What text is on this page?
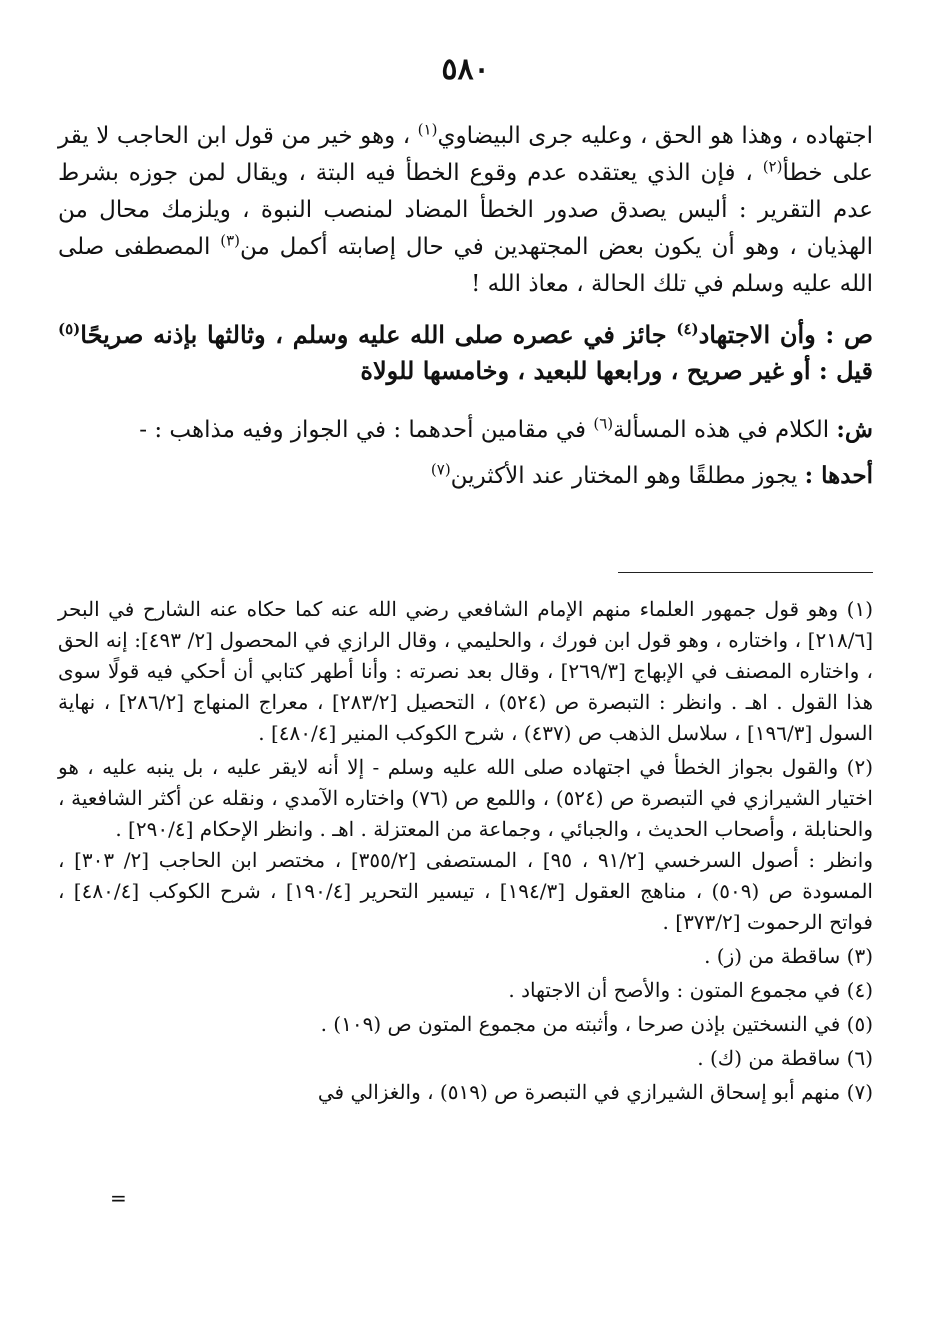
٥٨٠

اجتهاده ، وهذا هو الحق ، وعليه جرى البيضاوي$^{(١)}$ ، وهو خير من قول ابن الحاجب لا يقر على خطأ$^{(٢)}$ ، فإن الذي يعتقده عدم وقوع الخطأ فيه البتة ، ويقال لمن جوزه بشرط عدم التقرير : أليس يصدق صدور الخطأ المضاد لمنصب النبوة ، ويلزمك محال من الهذيان ، وهو أن يكون بعض المجتهدين في حال إصابته أكمل من$^{(٣)}$ المصطفى صلى الله عليه وسلم في تلك الحالة ، معاذ الله !

ص : وأن الاجتهاد$^{(٤)}$ جائز في عصره صلى الله عليه وسلم ، وثالثها بإذنه صريحًا$^{(٥)}$ قيل : أو غير صريح ، ورابعها للبعيد ، وخامسها للولاة

ش: الكلام في هذه المسألة$^{(٦)}$ في مقامين أحدهما : في الجواز وفيه مذاهب : -

أحدها : يجوز مطلقًا وهو المختار عند الأكثرين$^{(٧)}$

(١) وهو قول جمهور العلماء منهم الإمام الشافعي رضي الله عنه كما حكاه عنه الشارح في البحر [٢١٨/٦] ، واختاره ، وهو قول ابن فورك ، والحليمي ، وقال الرازي في المحصول [٢/ ٤٩٣]: إنه الحق ، واختاره المصنف في الإبهاج [٢٦٩/٣] ، وقال بعد نصرته : وأنا أطهر كتابي أن أحكي فيه قولًا سوى هذا القول . اهـ . وانظر : التبصرة ص (٥٢٤) ، التحصيل [٢٨٣/٢] ، معراج المنهاج [٢٨٦/٢] ، نهاية السول [١٩٦/٣] ، سلاسل الذهب ص (٤٣٧) ، شرح الكوكب المنير [٤٨٠/٤] .
(٢) والقول بجواز الخطأ في اجتهاده صلى الله عليه وسلم - إلا أنه لايقر عليه ، بل ينبه عليه ، هو اختيار الشيرازي في التبصرة ص (٥٢٤) ، واللمع ص (٧٦) واختاره الآمدي ، ونقله عن أكثر الشافعية ، والحنابلة ، وأصحاب الحديث ، والجبائي ، وجماعة من المعتزلة . اهـ . وانظر الإحكام [٢٩٠/٤] .
وانظر : أصول السرخسي [٩١/٢ ، ٩٥] ، المستصفى [٣٥٥/٢] ، مختصر ابن الحاجب [٢/ ٣٠٣] ، المسودة ص (٥٠٩) ، مناهج العقول [١٩٤/٣] ، تيسير التحرير [١٩٠/٤] ، شرح الكوكب [٤٨٠/٤] ، فواتح الرحموت [٣٧٣/٢] .
(٣) ساقطة من (ز) .
(٤) في مجموع المتون : والأصح أن الاجتهاد .
(٥) في النسختين بإذن صرحا ، وأثبته من مجموع المتون ص (١٠٩) .
(٦) ساقطة من (ك) .
(٧) منهم أبو إسحاق الشيرازي في التبصرة ص (٥١٩) ، والغزالي في
=
